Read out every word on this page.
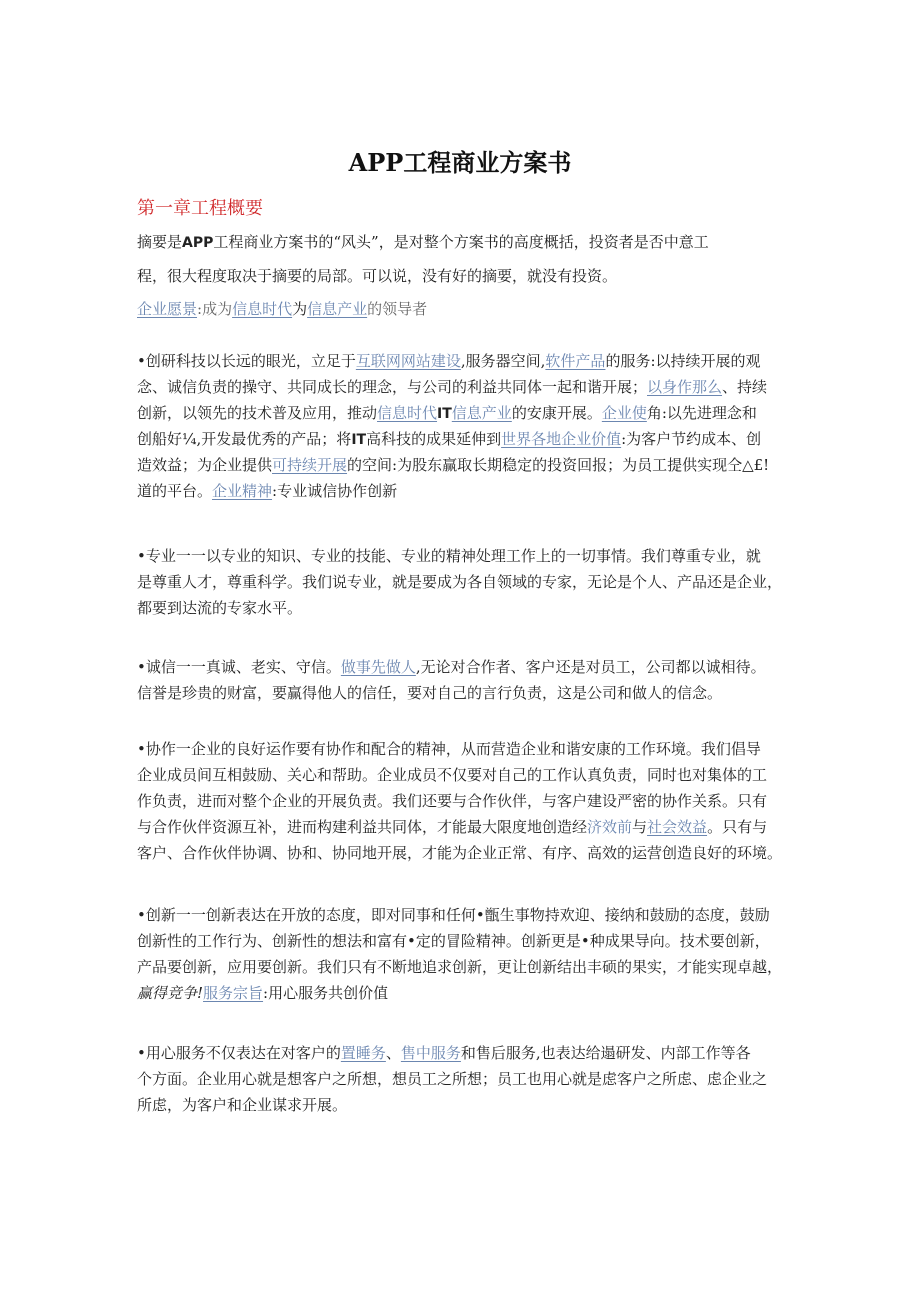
APP工程商业方案书
第一章工程概要
摘要是APP工程商业方案书的“风头”，是对整个方案书的高度概括，投资者是否中意工
程，很大程度取决于摘要的局部。可以说，没有好的摘要，就没有投资。
企业愿景:成为信息时代为信息产业的领导者
•创研科技以长远的眼光，立足于互联网网站建设,服务器空间,软件产品的服务:以持续开展的观
念、诚信负责的操守、共同成长的理念，与公司的利益共同体一起和谐开展；以身作那么、持续
创新，以领先的技术普及应用，推动信息时代IT信息产业的安康开展。企业使角:以先进理念和
创船好¼,开发最优秀的产品；将IT高科技的成果延伸到世界各地企业价值:为客户节约成本、创
造效益；为企业提供可持续开展的空间:为股东赢取长期稳定的投资回报；为员工提供实现仝△£!
道的平台。企业精神:专业诚信协作创新
•专业一一以专业的知识、专业的技能、专业的精神处理工作上的一切事情。我们尊重专业，就
是尊重人才，尊重科学。我们说专业，就是要成为各自领域的专家，无论是个人、产品还是企业，
都要到达流的专家水平。
•诚信一一真诚、老实、守信。做事先做人,无论对合作者、客户还是对员工，公司都以诚相待。
信誉是珍贵的财富，要赢得他人的信任，要对自己的言行负责，这是公司和做人的信念。
•协作一企业的良好运作要有协作和配合的精神，从而营造企业和谐安康的工作环境。我们倡导
企业成员间互相鼓励、关心和帮助。企业成员不仅要对自己的工作认真负责，同时也对集体的工
作负责，进而对整个企业的开展负责。我们还要与合作伙伴，与客户建设严密的协作关系。只有
与合作伙伴资源互补，进而构建利益共同体，才能最大限度地创造经济效前与社会效益。只有与
客户、合作伙伴协调、协和、协同地开展，才能为企业正常、有序、高效的运营创造良好的环境。
•创新一一创新表达在开放的态度，即对同事和任何•甑生事物持欢迎、接纳和鼓励的态度，鼓励
创新性的工作行为、创新性的想法和富有•定的冒险精神。创新更是•种成果导向。技术要创新，
产品要创新，应用要创新。我们只有不断地追求创新，更让创新结出丰硕的果实，才能实现卓越，
赢得竞争!服务宗旨:用心服务共创价值
•用心服务不仅表达在对客户的置睡务、售中服务和售后服务,也表达给遢研发、内部工作等各
个方面。企业用心就是想客户之所想，想员工之所想；员工也用心就是虑客户之所虑、虑企业之
所虑，为客户和企业谋求开展。
